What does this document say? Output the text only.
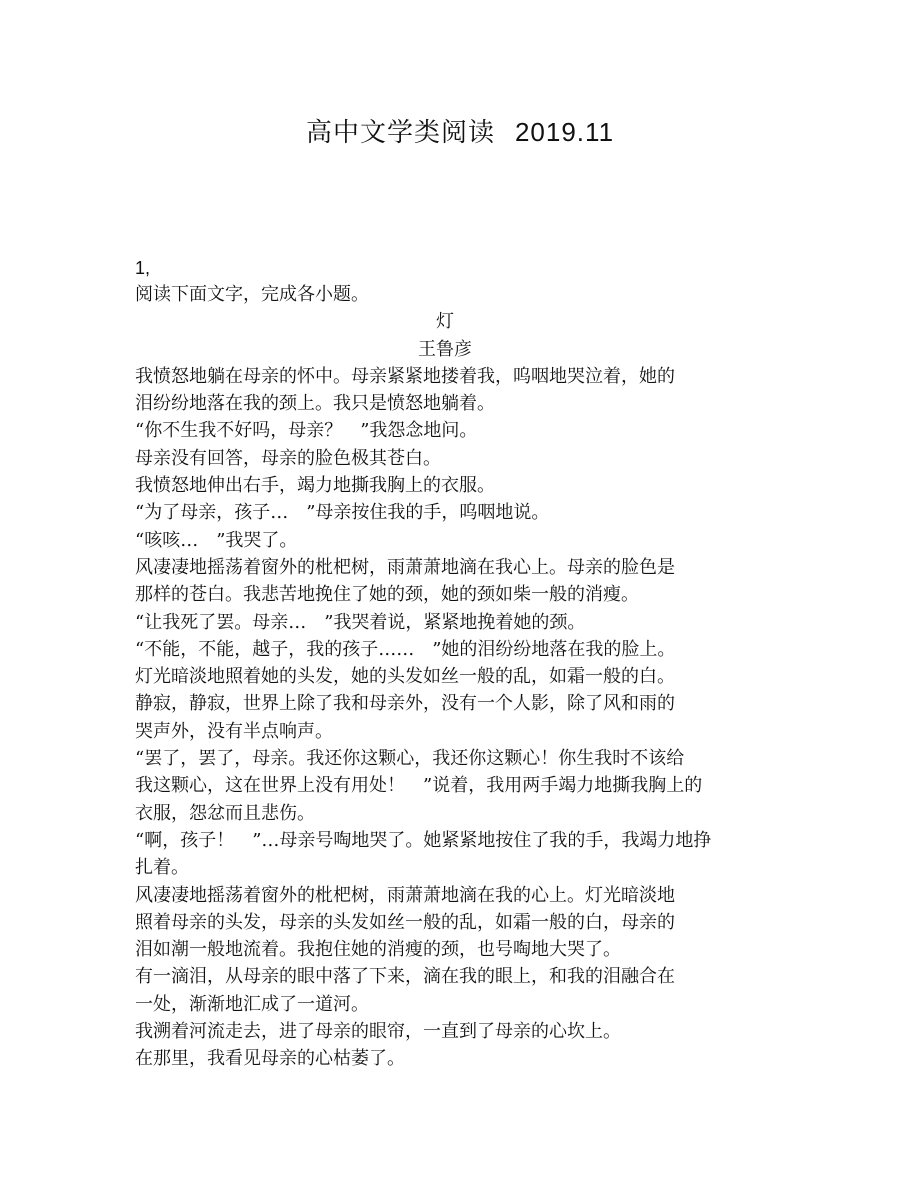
高中文学类阅读 2019.11
1,
阅读下面文字，完成各小题。
灯
王鲁彦
我愤怒地躺在母亲的怀中。母亲紧紧地搂着我，呜咽地哭泣着，她的
泪纷纷地落在我的颈上。我只是愤怒地躺着。
“你不生我不好吗，母亲？　”我怨念地问。
母亲没有回答，母亲的脸色极其苍白。
我愤怒地伸出右手，竭力地撕我胸上的衣服。
“为了母亲，孩子…　”母亲按住我的手，呜咽地说。
“咳咳…　”我哭了。
风凄凄地摇荡着窗外的枇杷树，雨萧萧地滴在我心上。母亲的脸色是
那样的苍白。我悲苦地挽住了她的颈，她的颈如柴一般的消瘦。
“让我死了罢。母亲…　”我哭着说，紧紧地挽着她的颈。
“不能，不能，越子，我的孩子……　”她的泪纷纷地落在我的脸上。
灯光暗淡地照着她的头发，她的头发如丝一般的乱，如霜一般的白。
静寂，静寂，世界上除了我和母亲外，没有一个人影，除了风和雨的
哭声外，没有半点响声。
“罢了，罢了，母亲。我还你这颗心，我还你这颗心！你生我时不该给
我这颗心，这在世界上没有用处！　”说着，我用两手竭力地撕我胸上的
衣服，怨忿而且悲伤。
“啊，孩子！　”…母亲号啕地哭了。她紧紧地按住了我的手，我竭力地挣
扎着。
风凄凄地摇荡着窗外的枇杷树，雨萧萧地滴在我的心上。灯光暗淡地
照着母亲的头发，母亲的头发如丝一般的乱，如霜一般的白，母亲的
泪如潮一般地流着。我抱住她的消瘦的颈，也号啕地大哭了。
有一滴泪，从母亲的眼中落了下来，滴在我的眼上，和我的泪融合在
一处，渐渐地汇成了一道河。
我溯着河流走去，进了母亲的眼帘，一直到了母亲的心坎上。
在那里，我看见母亲的心枯萎了。
